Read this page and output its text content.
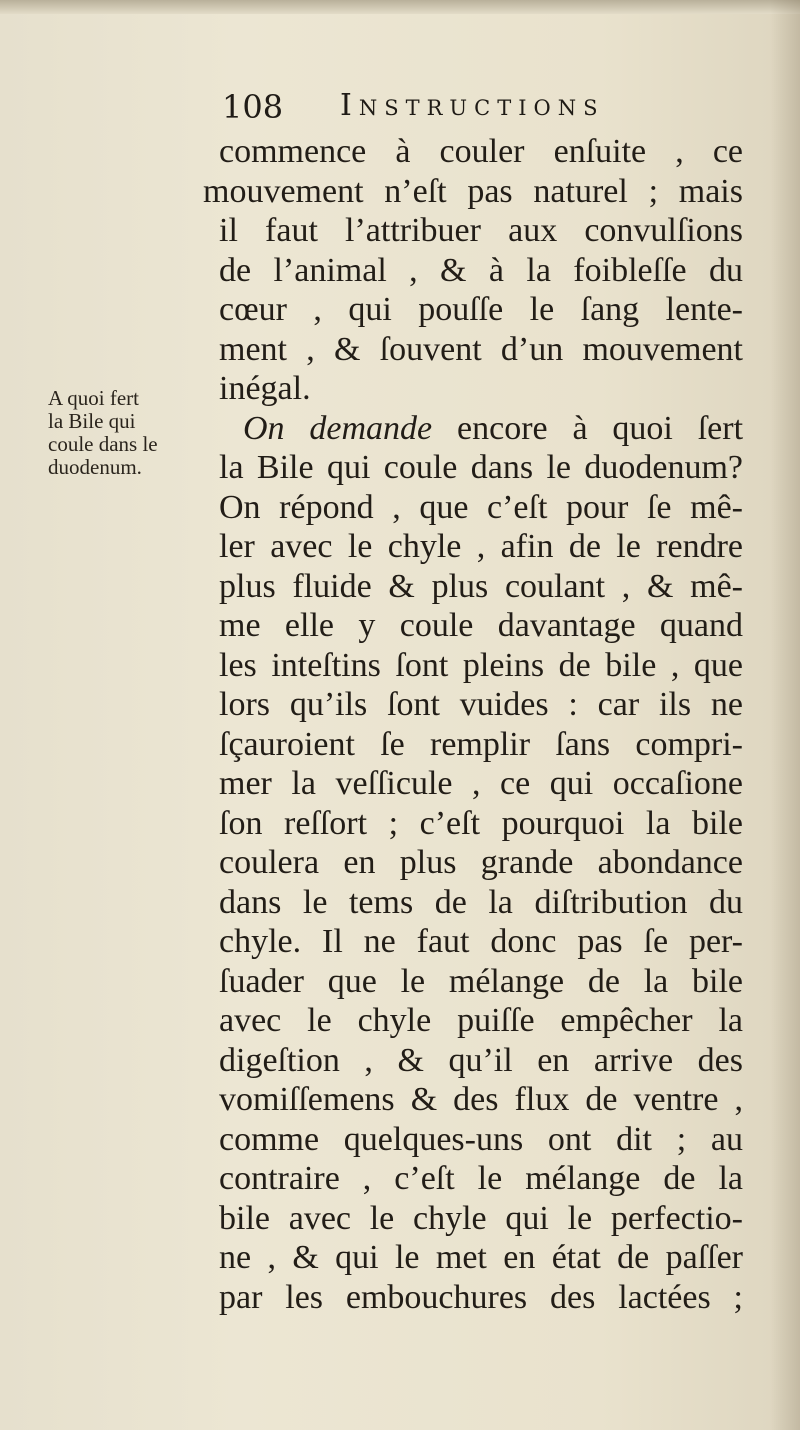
108 Instructions
A quoi fert
la Bile qui
coule dans le
duodenum.
commence à couler enſuite , ce
mouvement n’eſt pas naturel ; mais
il faut l’attribuer aux convulſions
de l’animal , & à la foibleſſe du
cœur , qui pouſſe le ſang lente-
ment , & ſouvent d’un mouvement
inégal.
On demande encore à quoi ſert
la Bile qui coule dans le duodenum?
On répond , que c’eſt pour ſe mê-
ler avec le chyle , afin de le rendre
plus fluide & plus coulant , & mê-
me elle y coule davantage quand
les inteſtins ſont pleins de bile , que
lors qu’ils ſont vuides : car ils ne
ſçauroient ſe remplir ſans compri-
mer la veſſicule , ce qui occaſione
ſon reſſort ; c’eſt pourquoi la bile
coulera en plus grande abondance
dans le tems de la diſtribution du
chyle. Il ne faut donc pas ſe per-
ſuader que le mélange de la bile
avec le chyle puiſſe empêcher la
digeſtion , & qu’il en arrive des
vomiſſemens & des flux de ventre ,
comme quelques-uns ont dit ; au
contraire , c’eſt le mélange de la
bile avec le chyle qui le perfectio-
ne , & qui le met en état de paſſer
par les embouchures des lactées ;
